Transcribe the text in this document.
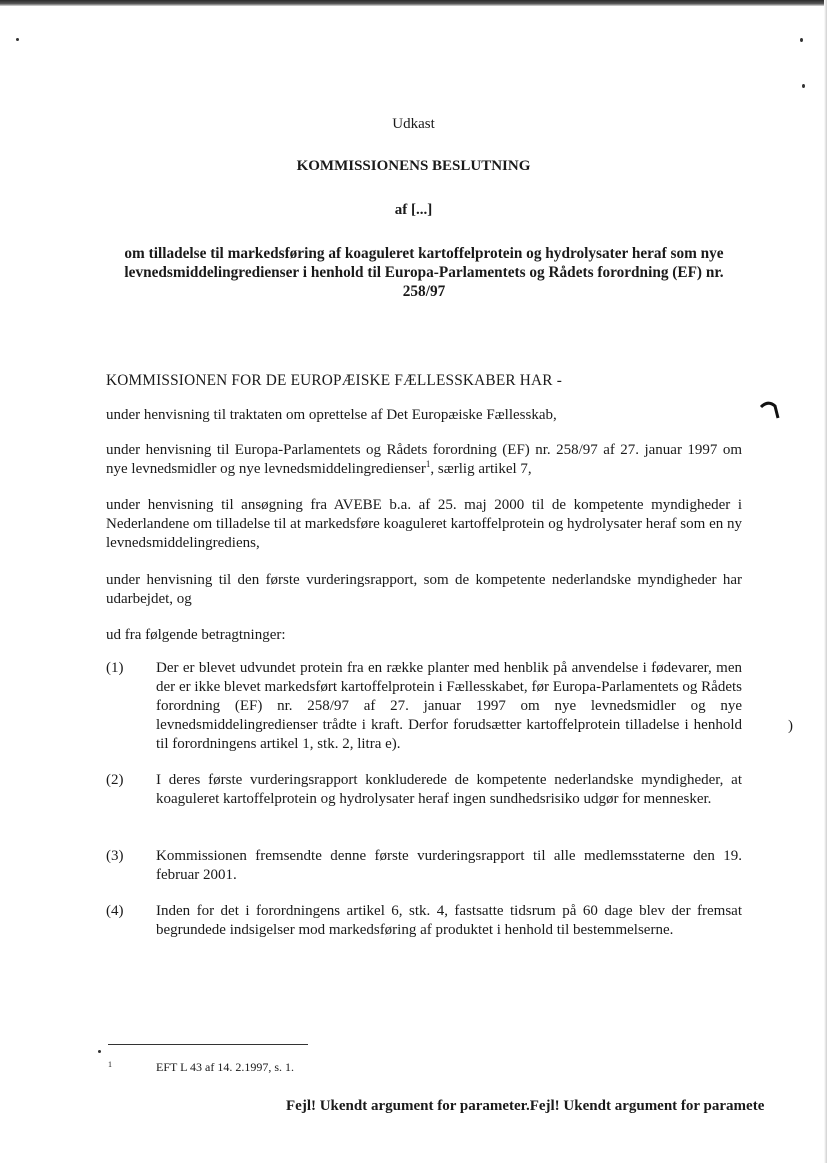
Udkast
KOMMISSIONENS BESLUTNING
af [...]
om tilladelse til markedsføring af koaguleret kartoffelprotein og hydrolysater heraf som nye levnedsmiddelingredienser i henhold til Europa-Parlamentets og Rådets forordning (EF) nr. 258/97
KOMMISSIONEN FOR DE EUROPÆISKE FÆLLESSKABER HAR -
under henvisning til traktaten om oprettelse af Det Europæiske Fællesskab,
under henvisning til Europa-Parlamentets og Rådets forordning (EF) nr. 258/97 af 27. januar 1997 om nye levnedsmidler og nye levnedsmiddelingredienser$^1$, særlig artikel 7,
under henvisning til ansøgning fra AVEBE b.a. af 25. maj 2000 til de kompetente myndigheder i Nederlandene om tilladelse til at markedsføre koaguleret kartoffelprotein og hydrolysater heraf som en ny levnedsmiddelingrediens,
under henvisning til den første vurderingsrapport, som de kompetente nederlandske myndigheder har udarbejdet, og
ud fra følgende betragtninger:
(1)	Der er blevet udvundet protein fra en række planter med henblik på anvendelse i fødevarer, men der er ikke blevet markedsført kartoffelprotein i Fællesskabet, før Europa-Parlamentets og Rådets forordning (EF) nr. 258/97 af 27. januar 1997 om nye levnedsmidler og nye levnedsmiddelingredienser trådte i kraft. Derfor forudsætter kartoffelprotein tilladelse i henhold til forordningens artikel 1, stk. 2, litra e).
(2)	I deres første vurderingsrapport konkluderede de kompetente nederlandske myndigheder, at koaguleret kartoffelprotein og hydrolysater heraf ingen sundhedsrisiko udgør for mennesker.
(3)	Kommissionen fremsendte denne første vurderingsrapport til alle medlemsstaterne den 19. februar 2001.
(4)	Inden for det i forordningens artikel 6, stk. 4, fastsatte tidsrum på 60 dage blev der fremsat begrundede indsigelser mod markedsføring af produktet i henhold til bestemmelserne.
1	EFT L 43 af 14. 2.1997, s. 1.
Fejl! Ukendt argument for parameter.Fejl! Ukendt argument for paramete
)
